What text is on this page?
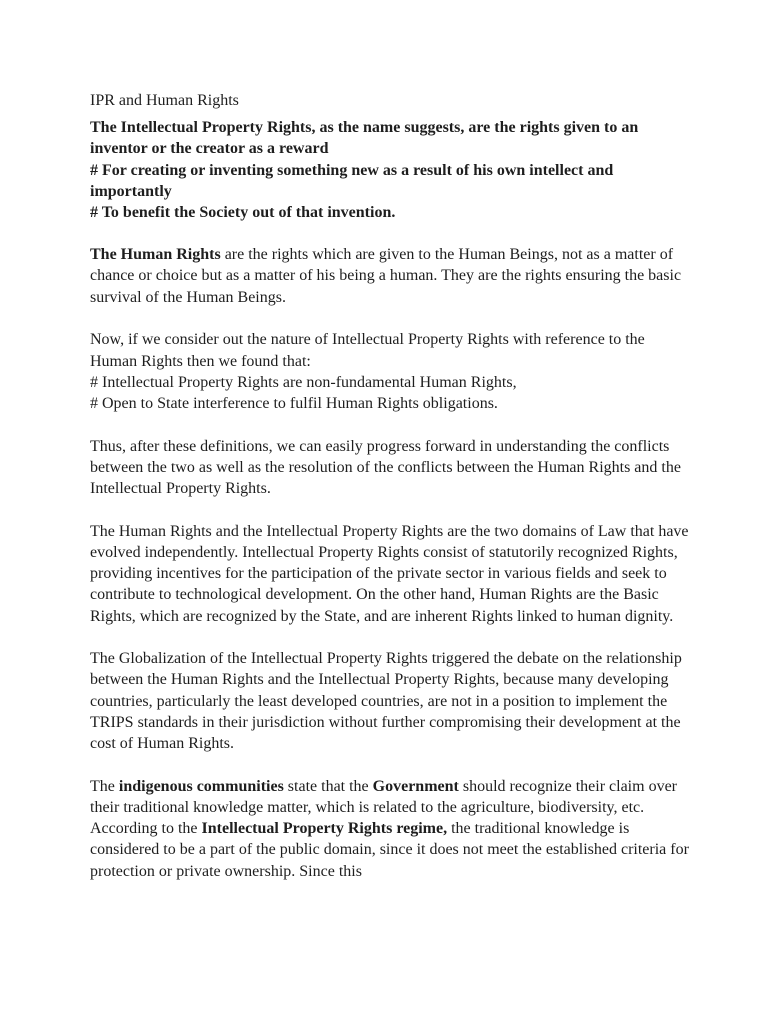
IPR and Human Rights
The Intellectual Property Rights, as the name suggests, are the rights given to an inventor or the creator as a reward
# For creating or inventing something new as a result of his own intellect and importantly
# To benefit the Society out of that invention.

The Human Rights are the rights which are given to the Human Beings, not as a matter of chance or choice but as a matter of his being a human. They are the rights ensuring the basic survival of the Human Beings.

Now, if we consider out the nature of Intellectual Property Rights with reference to the Human Rights then we found that:
# Intellectual Property Rights are non-fundamental Human Rights,
# Open to State interference to fulfil Human Rights obligations.

Thus, after these definitions, we can easily progress forward in understanding the conflicts between the two as well as the resolution of the conflicts between the Human Rights and the Intellectual Property Rights.

The Human Rights and the Intellectual Property Rights are the two domains of Law that have evolved independently. Intellectual Property Rights consist of statutorily recognized Rights, providing incentives for the participation of the private sector in various fields and seek to contribute to technological development. On the other hand, Human Rights are the Basic Rights, which are recognized by the State, and are inherent Rights linked to human dignity.

The Globalization of the Intellectual Property Rights triggered the debate on the relationship between the Human Rights and the Intellectual Property Rights, because many developing countries, particularly the least developed countries, are not in a position to implement the TRIPS standards in their jurisdiction without further compromising their development at the cost of Human Rights.

The indigenous communities state that the Government should recognize their claim over their traditional knowledge matter, which is related to the agriculture, biodiversity, etc. According to the Intellectual Property Rights regime, the traditional knowledge is considered to be a part of the public domain, since it does not meet the established criteria for protection or private ownership. Since this
